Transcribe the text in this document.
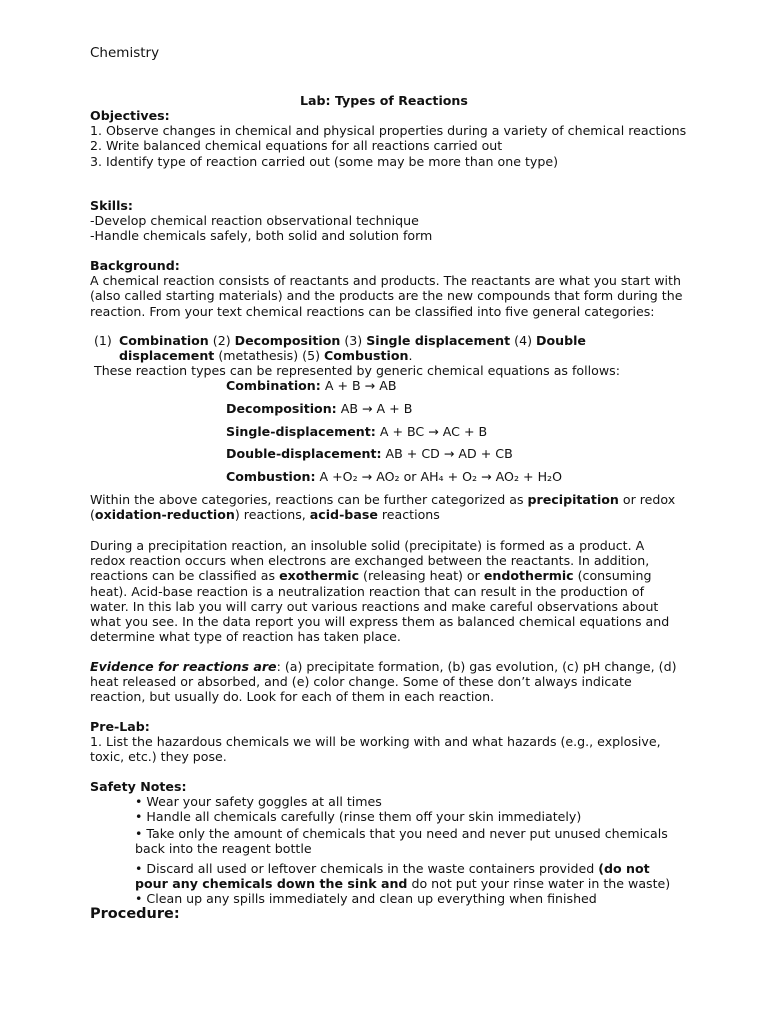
Chemistry
Lab: Types of Reactions

Objectives:

1. Observe changes in chemical and physical properties during a variety of chemical reactions

2. Write balanced chemical equations for all reactions carried out

3. Identify type of reaction carried out (some may be more than one type)

Skills:

-Develop chemical reaction observational technique

-Handle chemicals safely, both solid and solution form

Background:

A chemical reaction consists of reactants and products. The reactants are what you start with (also called starting materials) and the products are the new compounds that form during the reaction. From your text chemical reactions can be classified into five general categories:

(1) Combination (2) Decomposition (3) Single displacement (4) Double
displacement (metathesis) (5) Combustion.
These reaction types can be represented by generic chemical equations as follows:
Combination: A + B → AB
Decomposition: AB → A + B
Single-displacement: A + BC → AC + B
Double-displacement: AB + CD → AD + CB
Combustion: A +O₂ → AO₂ or AH₄ + O₂ → AO₂ + H₂O
Within the above categories, reactions can be further categorized as precipitation or redox (oxidation-reduction) reactions, acid-base reactions
During a precipitation reaction, an insoluble solid (precipitate) is formed as a product. A redox reaction occurs when electrons are exchanged between the reactants. In addition, reactions can be classified as exothermic (releasing heat) or endothermic (consuming heat). Acid-base reaction is a neutralization reaction that can result in the production of water. In this lab you will carry out various reactions and make careful observations about what you see. In the data report you will express them as balanced chemical equations and determine what type of reaction has taken place.
Evidence for reactions are: (a) precipitate formation, (b) gas evolution, (c) pH change, (d) heat released or absorbed, and (e) color change. Some of these don’t always indicate reaction, but usually do. Look for each of them in each reaction.

Pre-Lab:

1. List the hazardous chemicals we will be working with and what hazards (e.g., explosive, toxic, etc.) they pose.

Safety Notes:
• Wear your safety goggles at all times
• Handle all chemicals carefully (rinse them off your skin immediately)
• Take only the amount of chemicals that you need and never put unused chemicals back into the reagent bottle
• Discard all used or leftover chemicals in the waste containers provided (do not pour any chemicals down the sink and do not put your rinse water in the waste)
• Clean up any spills immediately and clean up everything when finished
Procedure:
